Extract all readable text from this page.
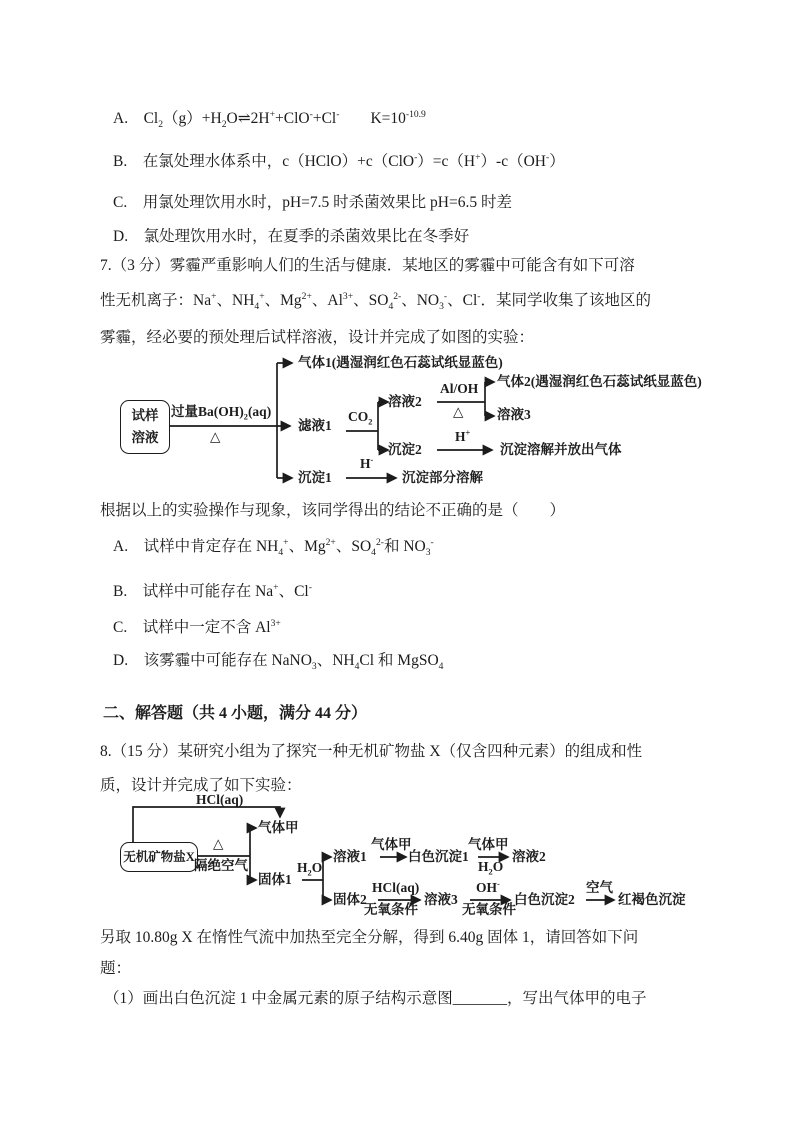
A.　$Cl_2(g)+H_2O\rightleftharpoons 2H^++ClO^-+Cl^-$　　$K=10^{-10.9}$
B.　在氯处理水体系中，c（HClO）+c（ClO-）=c（H+）-c（OH-）
C.　用氯处理饮用水时，pH=7.5 时杀菌效果比 pH=6.5 时差
D.　氯处理饮用水时，在夏季的杀菌效果比在冬季好
7.（3 分）雾霾严重影响人们的生活与健康．某地区的雾霾中可能含有如下可溶
性无机离子：Na+、$NH_4^+$、$Mg^{2+}$、$Al^{3+}$、$SO_4^{2-}$、$NO_3^-$、Cl-．某同学收集了该地区的
雾霾，经必要的预处理后试样溶液，设计并完成了如图的实验：
试样
溶液
过量$Ba(OH)_2(aq)$
△
气体1(遇湿润红色石蕊试纸显蓝色)
滤液1
$CO_2$
溶液2
Al/OH
△
气体2(遇湿润红色石蕊试纸显蓝色)
溶液3
沉淀2
H+
沉淀溶解并放出气体
沉淀1
H-
沉淀部分溶解
根据以上的实验操作与现象，该同学得出的结论不正确的是（　　）
A.　试样中肯定存在 $NH_4^+$、$Mg^{2+}$、$SO_4^{2-}$和 $NO_3^-$
B.　试样中可能存在 Na+、Cl-
C.　试样中一定不含 $Al^{3+}$
D.　该雾霾中可能存在 NaNO$_3$、$NH_4Cl$ 和 MgSO$_4$
二、解答题（共 4 小题，满分 44 分）
8.（15 分）某研究小组为了探究一种无机矿物盐 X（仅含四种元素）的组成和性
质，设计并完成了如下实验：
HCl(aq)
无机矿物盐X
△
隔绝空气
气体甲
固体1
$H_2O$
溶液1
气体甲
白色沉淀1
气体甲
$H_2O$
溶液2
固体2
HCl(aq)
无氧条件
溶液3
OH-
无氧条件
白色沉淀2
空气
红褐色沉淀
另取 10.80g X 在惰性气流中加热至完全分解，得到 6.40g 固体 1，请回答如下问
题：
（1）画出白色沉淀 1 中金属元素的原子结构示意图_______，写出气体甲的电子
